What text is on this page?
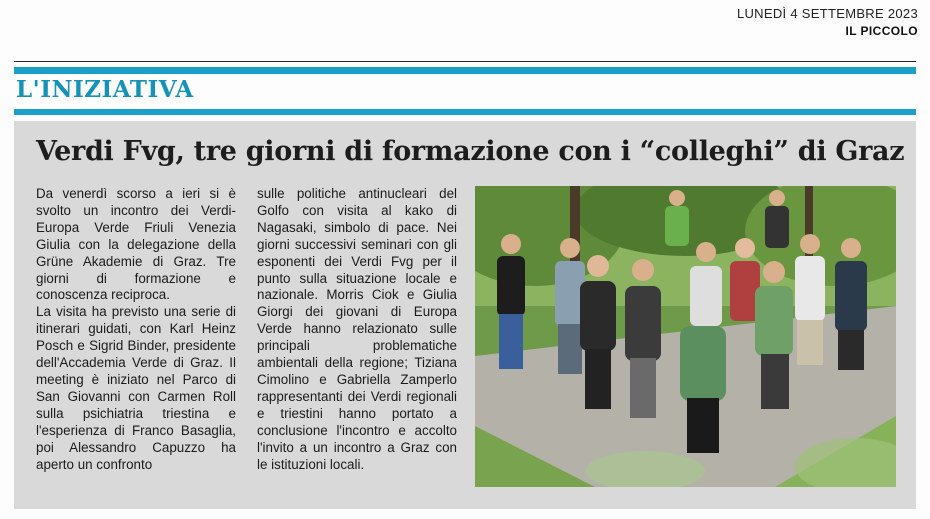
LUNEDÌ 4 SETTEMBRE 2023
IL PICCOLO
L'INIZIATIVA
Verdi Fvg, tre giorni di formazione con i “colleghi” di Graz

Da venerdì scorso a ieri si è svolto un incontro dei Verdi- Europa Verde Friuli Venezia Giulia con la delegazione della Grüne Akademie di Graz. Tre giorni di formazione e conoscenza reciproca.

La visita ha previsto una serie di itinerari guidati, con Karl Heinz Posch e Sigrid Binder, presidente dell'Accademia Verde di Graz. Il meeting è iniziato nel Parco di San Giovanni con Carmen Roll sulla psichiatria triestina e l'esperienza di Franco Basaglia, poi Alessandro Capuzzo ha aperto un confronto

sulle politiche antinucleari del Golfo con visita al kako di Nagasaki, simbolo di pace. Nei giorni successivi seminari con gli esponenti dei Verdi Fvg per il punto sulla situazione locale e nazionale. Morris Ciok e Giulia Giorgi dei giovani di Europa Verde hanno relazionato sulle principali problematiche ambientali della regione; Tiziana Cimolino e Gabriella Zamperlo rappresentanti dei Verdi regionali e triestini hanno portato a conclusione l'incontro e accolto l'invito a un incontro a Graz con le istituzioni locali.
